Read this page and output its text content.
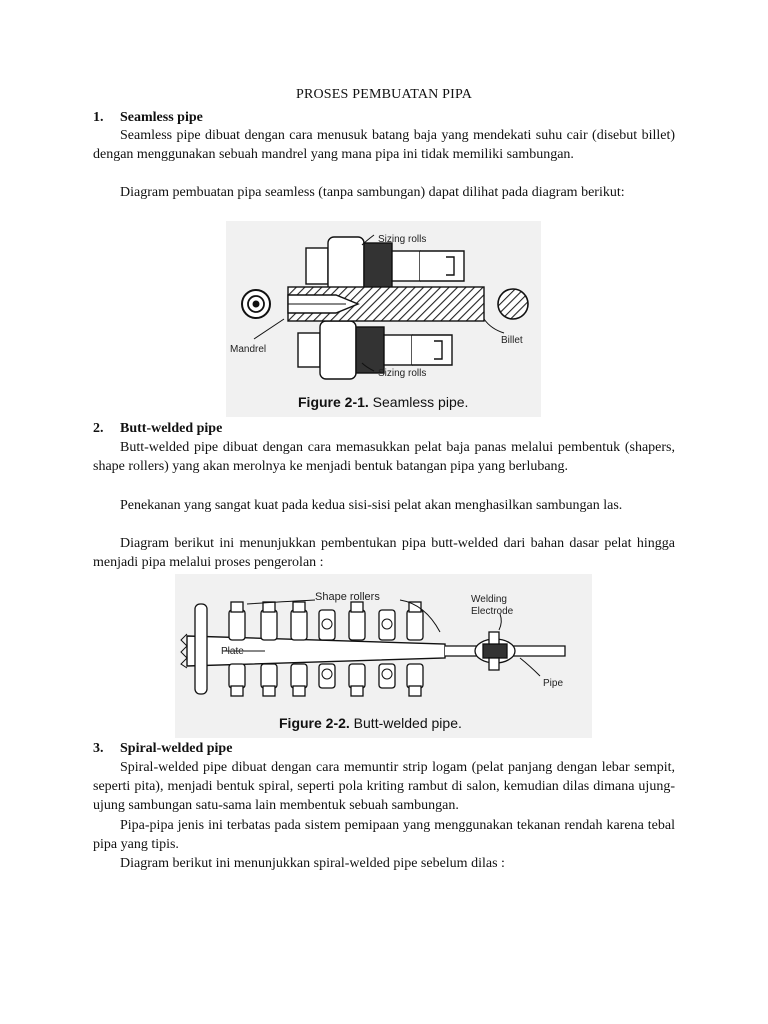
PROSES PEMBUATAN PIPA
1. Seamless pipe

Seamless pipe dibuat dengan cara menusuk batang baja yang mendekati suhu cair (disebut billet) dengan menggunakan sebuah mandrel yang mana pipa ini tidak memiliki sambungan.

Diagram pembuatan pipa seamless (tanpa sambungan) dapat dilihat pada diagram berikut:

Sizing rolls
Sizing rolls
Mandrel
Billet
Figure 2-1. Seamless pipe.
2. Butt-welded pipe

Butt-welded pipe dibuat dengan cara memasukkan pelat baja panas melalui pembentuk (shapers, shape rollers) yang akan merolnya ke menjadi bentuk batangan pipa yang berlubang.

Penekanan yang sangat kuat pada kedua sisi-sisi pelat akan menghasilkan sambungan las.

Diagram berikut ini menunjukkan pembentukan pipa butt-welded dari bahan dasar pelat hingga menjadi pipa melalui proses pengerolan :

Shape rollers	Welding
Electrode
Plate
Pipe
Figure 2-2. Butt-welded pipe.
3. Spiral-welded pipe

Spiral-welded pipe dibuat dengan cara memuntir strip logam (pelat panjang dengan lebar sempit, seperti pita), menjadi bentuk spiral, seperti pola kriting rambut di salon, kemudian dilas dimana ujung-ujung sambungan satu-sama lain membentuk sebuah sambungan.

Pipa-pipa jenis ini terbatas pada sistem pemipaan yang menggunakan tekanan rendah karena tebal pipa yang tipis.

Diagram berikut ini menunjukkan spiral-welded pipe sebelum dilas :
